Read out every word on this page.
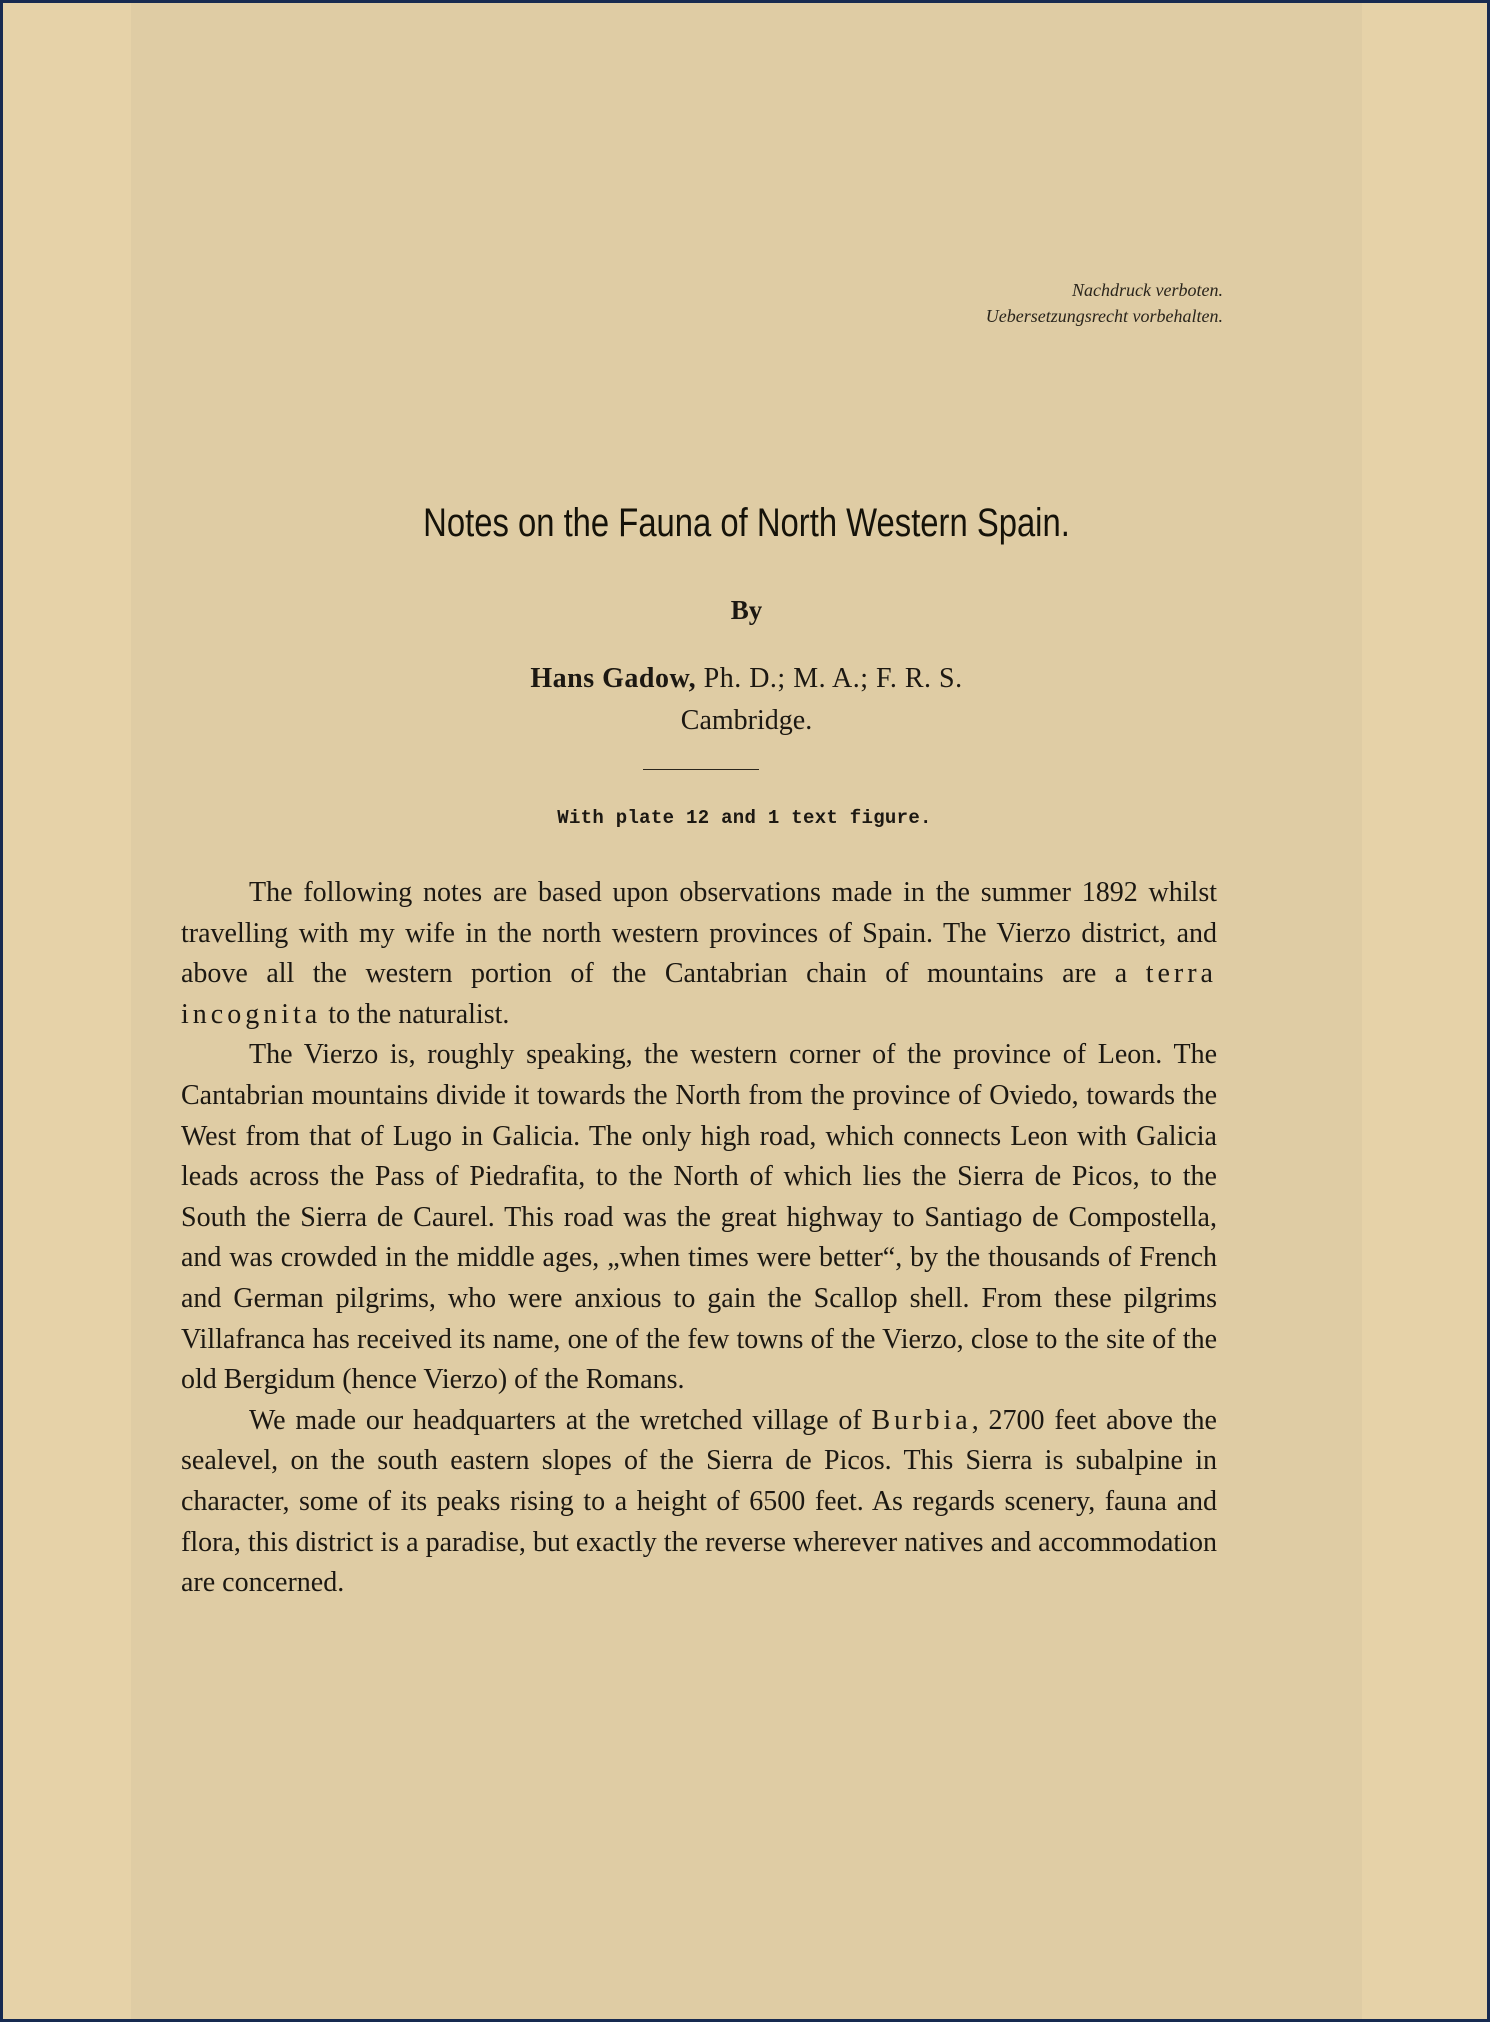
Nachdruck verboten.
Uebersetzungsrecht vorbehalten.
Notes on the Fauna of North Western Spain.
By
Hans Gadow, Ph. D.; M. A.; F. R. S.
Cambridge.
With plate 12 and 1 text figure.

The following notes are based upon observations made in the summer 1892 whilst travelling with my wife in the north western provinces of Spain. The Vierzo district, and above all the western portion of the Cantabrian chain of mountains are a terra incognita to the naturalist.

The Vierzo is, roughly speaking, the western corner of the province of Leon. The Cantabrian mountains divide it towards the North from the province of Oviedo, towards the West from that of Lugo in Galicia. The only high road, which connects Leon with Galicia leads across the Pass of Piedrafita, to the North of which lies the Sierra de Picos, to the South the Sierra de Caurel. This road was the great highway to Santiago de Compostella, and was crowded in the middle ages, „when times were better“, by the thousands of French and German pilgrims, who were anxious to gain the Scallop shell. From these pilgrims Villafranca has received its name, one of the few towns of the Vierzo, close to the site of the old Bergidum (hence Vierzo) of the Romans.

We made our headquarters at the wretched village of Burbia, 2700 feet above the sealevel, on the south eastern slopes of the Sierra de Picos. This Sierra is subalpine in character, some of its peaks rising to a height of 6500 feet. As regards scenery, fauna and flora, this district is a paradise, but exactly the reverse wherever natives and accommodation are concerned.
